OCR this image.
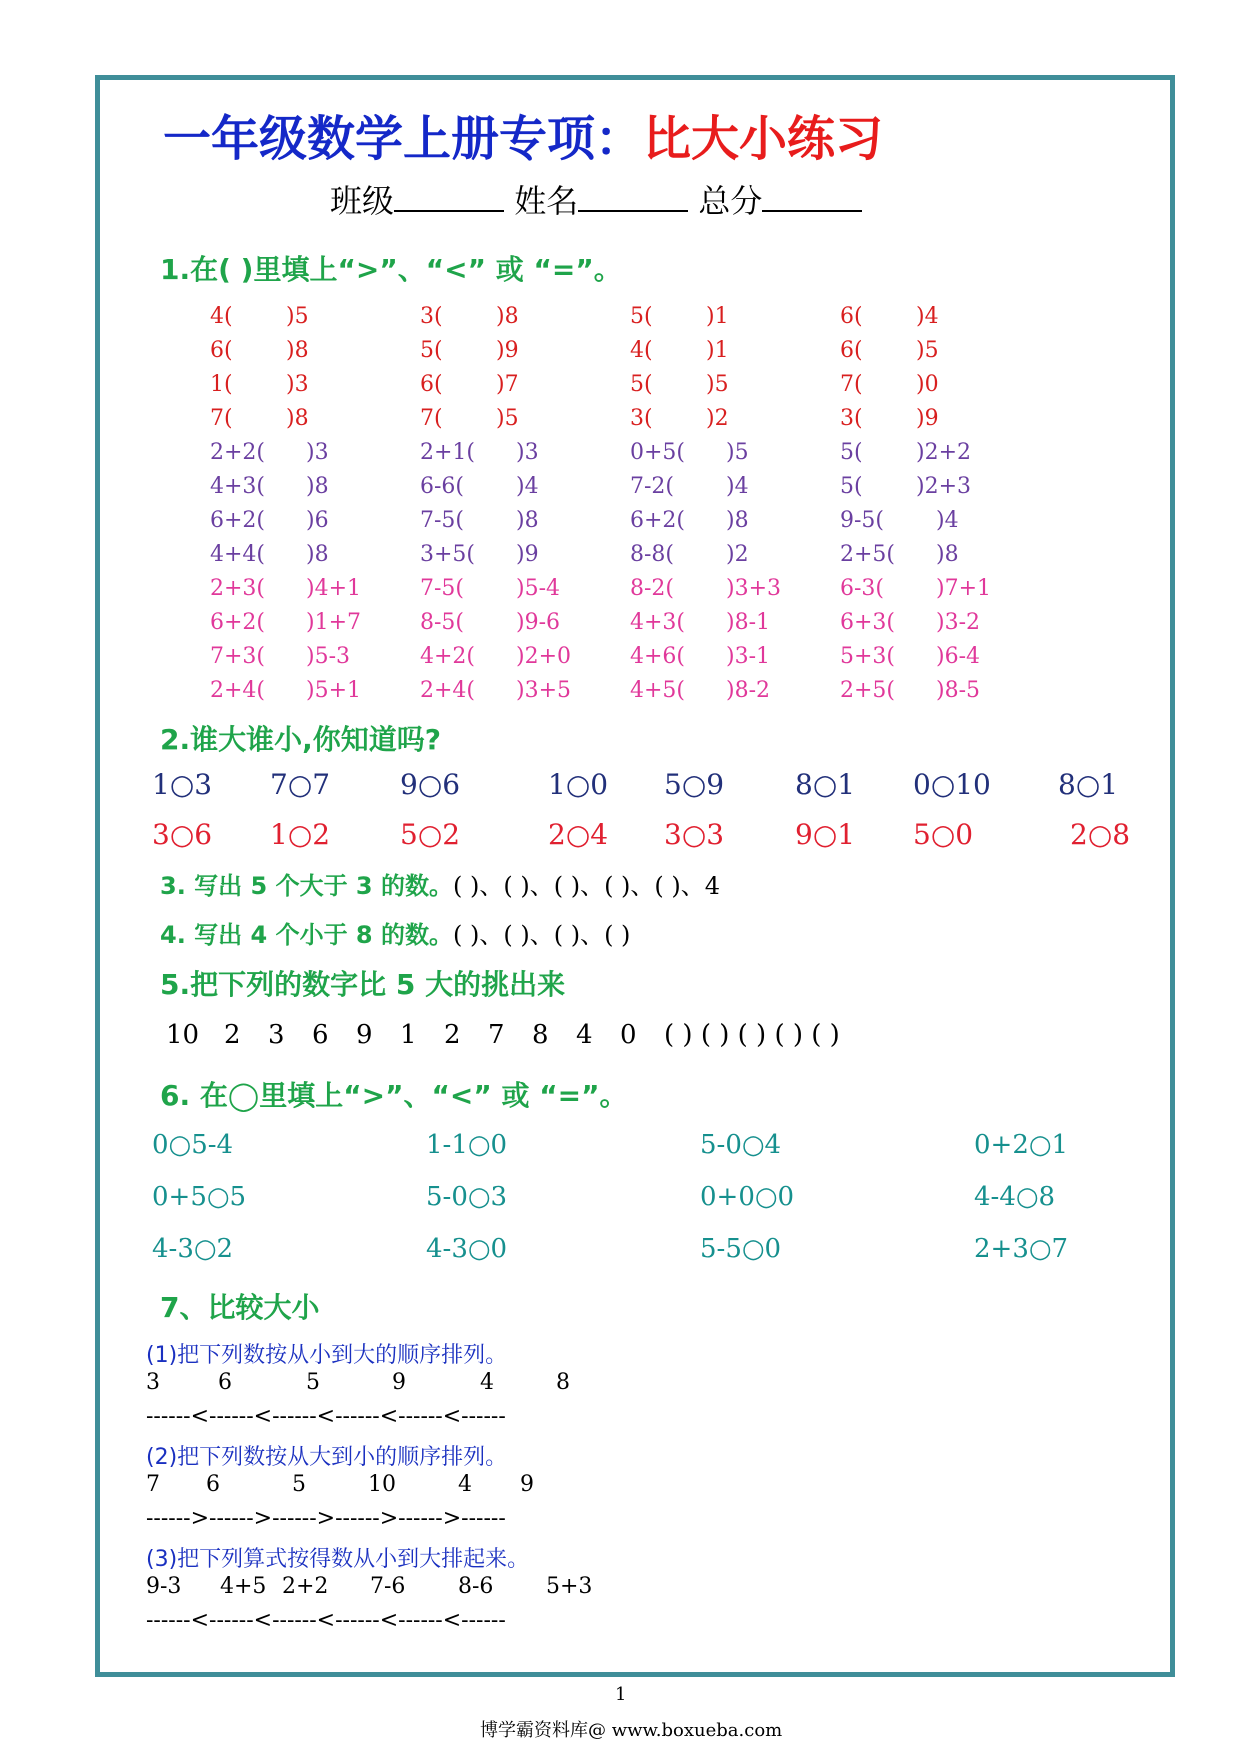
一年级数学上册专项：比大小练习
班级	姓名	总分
1.在( )里填上“>”、“<” 或 “=”。
2.谁大谁小,你知道吗?
3. 写出 5 个大于 3 的数。( )、( )、( )、( )、( )、4
4. 写出 4 个小于 8 的数。( )、( )、( )、( )
5.把下列的数字比 5 大的挑出来
( ) ( ) ( ) ( ) ( )
6. 在◯里填上“>”、“<” 或 “=”。
7、比较大小
(1)把下列数按从小到大的顺序排列。
------<------<------<------<------<------
(2)把下列数按从大到小的顺序排列。
------>------>------>------>------>------
(3)把下列算式按得数从小到大排起来。
------<------<------<------<------<------
1
博学霸资料库@ www.boxueba.com
4( )5	3( )8	5( )1	6( )4
6( )8	5( )9	4( )1	6( )5
1( )3	6( )7	5( )5	7( )0
7( )8	7( )5	3( )2	3( )9
2+2( )3	2+1( )3	0+5( )5	5( )2+2
4+3( )8	6-6( )4	7-2( )4	5( )2+3
6+2( )6	7-5( )8	6+2( )8	9-5( )4
4+4( )8	3+5( )9	8-8( )2	2+5( )8
2+3( )4+1	7-5( )5-4	8-2( )3+3	6-3( )7+1
6+2( )1+7	8-5( )9-6	4+3( )8-1	6+3( )3-2
7+3( )5-3	4+2( )2+0	4+6( )3-1	5+3( )6-4
2+4( )5+1	2+4( )3+5	4+5( )8-2	2+5( )8-5
1○3 7○7 9○6	1○0 5○9	8○1 0○10 8○1
3○6 1○2 5○2	2○4 3○3	9○1 5○0	2○8
10 2 3 6 9 1 2 7 8 4 0
0○5-4	1-1○0	5-0○4	0+2○1
0+5○5	5-0○3	0+0○0	4-4○8
4-3○2	4-3○0	5-5○0	2+3○7
3	6	5	9	4	8
7 6	5	10	4 9
9-3 4+5 2+2 7-6 8-6 5+3
